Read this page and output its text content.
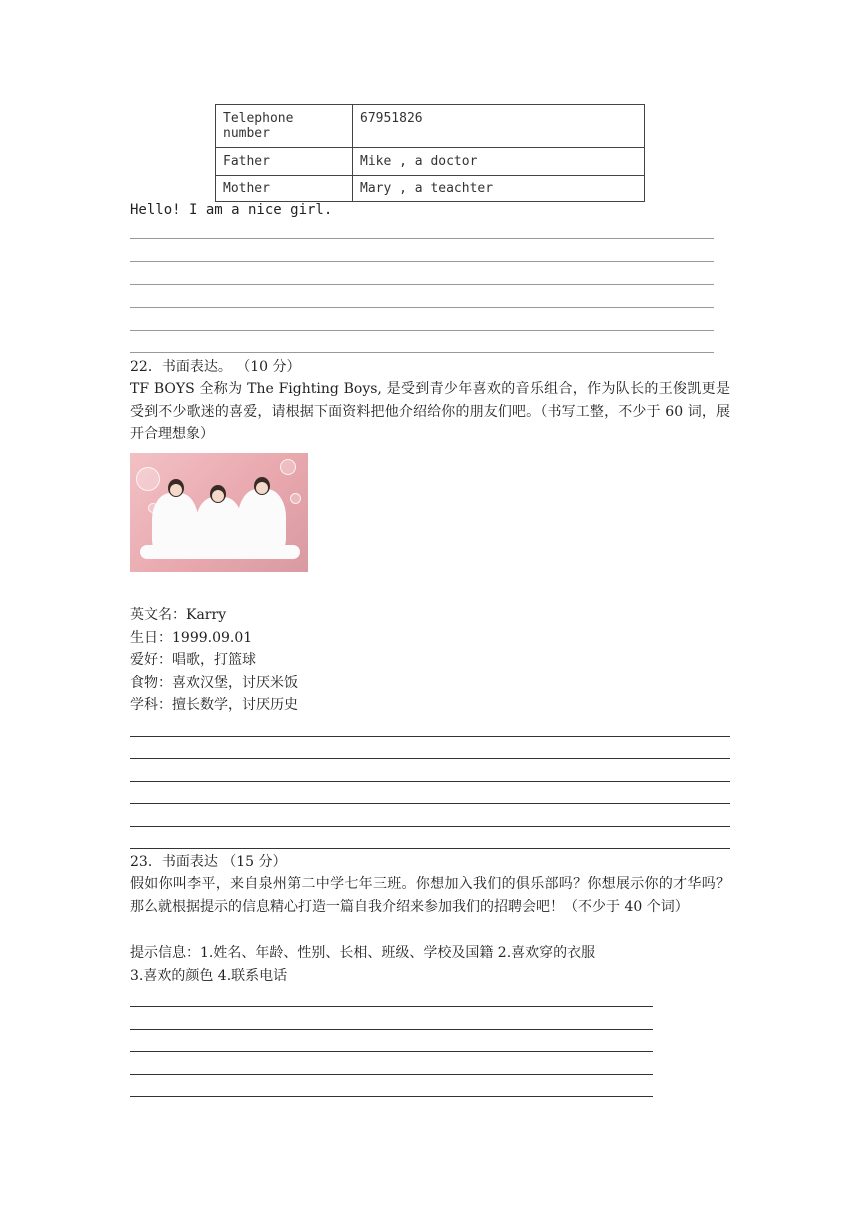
Telephone number	67951826
Father	Mike , a doctor
Mother	Mary , a teachter
Hello! I am a nice girl.
22．书面表达。 （10 分）
TF BOYS 全称为 The Fighting Boys, 是受到青少年喜欢的音乐组合，作为队长的王俊凯更是受到不少歌迷的喜爱，请根据下面资料把他介绍给你的朋友们吧。（书写工整，不少于 60 词，展开合理想象）
英文名：Karry
生日：1999.09.01
爱好：唱歌，打篮球
食物：喜欢汉堡，讨厌米饭
学科：擅长数学，讨厌历史
23．书面表达 （15 分）
假如你叫李平，来自泉州第二中学七年三班。你想加入我们的俱乐部吗？你想展示你的才华吗？那么就根据提示的信息精心打造一篇自我介绍来参加我们的招聘会吧！（不少于 40 个词）
提示信息：1.姓名、年龄、性别、长相、班级、学校及国籍 2.喜欢穿的衣服
3.喜欢的颜色 4.联系电话
